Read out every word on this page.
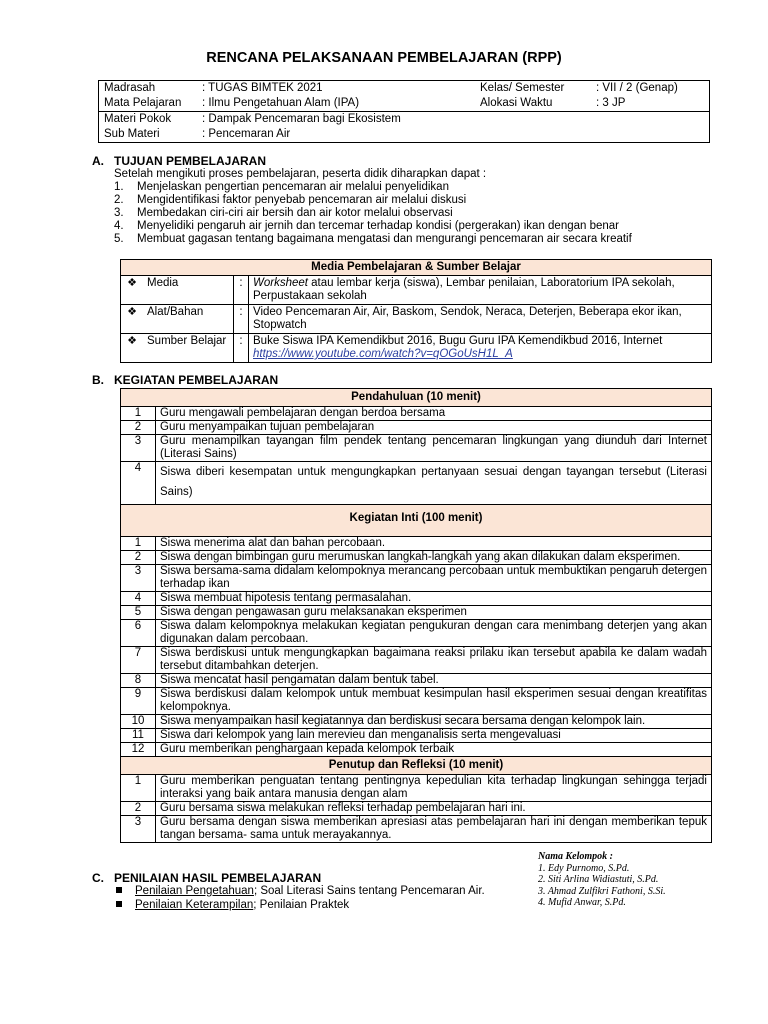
RENCANA PELAKSANAAN PEMBELAJARAN (RPP)
Madrasah	: TUGAS BIMTEK 2021	Kelas/ Semester	: VII / 2 (Genap)
Mata Pelajaran	: Ilmu Pengetahuan Alam (IPA)	Alokasi Waktu	: 3 JP
Materi Pokok	: Dampak Pencemaran bagi Ekosistem		
Sub Materi	: Pencemaran Air		
A. TUJUAN PEMBELAJARAN
Setelah mengikuti proses pembelajaran, peserta didik diharapkan dapat :
1. Menjelaskan pengertian pencemaran air melalui penyelidikan
2. Mengidentifikasi faktor penyebab pencemaran air melalui diskusi
3. Membedakan ciri-ciri air bersih dan air kotor melalui observasi
4. Menyelidiki pengaruh air jernih dan tercemar terhadap kondisi (pergerakan) ikan dengan benar
5. Membuat gagasan tentang bagaimana mengatasi dan mengurangi pencemaran air secara kreatif
Media Pembelajaran & Sumber Belajar			
❖	Media	:	Worksheet atau lembar kerja (siswa), Lembar penilaian, Laboratorium IPA sekolah, Perpustakaan sekolah
❖	Alat/Bahan	:	Video Pencemaran Air, Air, Baskom, Sendok, Neraca, Deterjen, Beberapa ekor ikan, Stopwatch
❖	Sumber Belajar	:	Buke Siswa IPA Kemendikbut 2016, Bugu Guru IPA Kemendikbud 2016, Internet https://www.youtube.com/watch?v=qOGoUsH1L_A
B. KEGIATAN PEMBELAJARAN
Pendahuluan (10 menit)	
1	Guru mengawali pembelajaran dengan berdoa bersama
2	Guru menyampaikan tujuan pembelajaran
3	Guru menampilkan tayangan film pendek tentang pencemaran lingkungan yang diunduh dari Internet (Literasi Sains)
4	Siswa diberi kesempatan untuk mengungkapkan pertanyaan sesuai dengan tayangan tersebut (Literasi Sains)
Kegiatan Inti (100 menit)	
1	Siswa menerima alat dan bahan percobaan.
2	Siswa dengan bimbingan guru merumuskan langkah-langkah yang akan dilakukan dalam eksperimen.
3	Siswa bersama-sama didalam kelompoknya merancang percobaan untuk membuktikan pengaruh detergen terhadap ikan
4	Siswa membuat hipotesis tentang permasalahan.
5	Siswa dengan pengawasan guru melaksanakan eksperimen
6	Siswa dalam kelompoknya melakukan kegiatan pengukuran dengan cara menimbang deterjen yang akan digunakan dalam percobaan.
7	Siswa berdiskusi untuk mengungkapkan bagaimana reaksi prilaku ikan tersebut apabila ke dalam wadah tersebut ditambahkan deterjen.
8	Siswa mencatat hasil pengamatan dalam bentuk tabel.
9	Siswa berdiskusi dalam kelompok untuk membuat kesimpulan hasil eksperimen sesuai dengan kreatifitas kelompoknya.
10	Siswa menyampaikan hasil kegiatannya dan berdiskusi secara bersama dengan kelompok lain.
11	Siswa dari kelompok yang lain merevieu dan menganalisis serta mengevaluasi
12	Guru memberikan penghargaan kepada kelompok terbaik
Penutup dan Refleksi (10 menit)	
1	Guru memberikan penguatan tentang pentingnya kepedulian kita terhadap lingkungan sehingga terjadi interaksi yang baik antara manusia dengan alam
2	Guru bersama siswa melakukan refleksi terhadap pembelajaran hari ini.
3	Guru bersama dengan siswa memberikan apresiasi atas pembelajaran hari ini dengan memberikan tepuk tangan bersama- sama untuk merayakannya.
Nama Kelompok :
1. Edy Purnomo, S.Pd.
2. Siti Arlina Widiastuti, S.Pd.
3. Ahmad Zulfikri Fathoni, S.Si.
4. Mufid Anwar, S.Pd.
C. PENILAIAN HASIL PEMBELAJARAN
Penilaian Pengetahuan; Soal Literasi Sains tentang Pencemaran Air.
Penilaian Keterampilan; Penilaian Praktek
